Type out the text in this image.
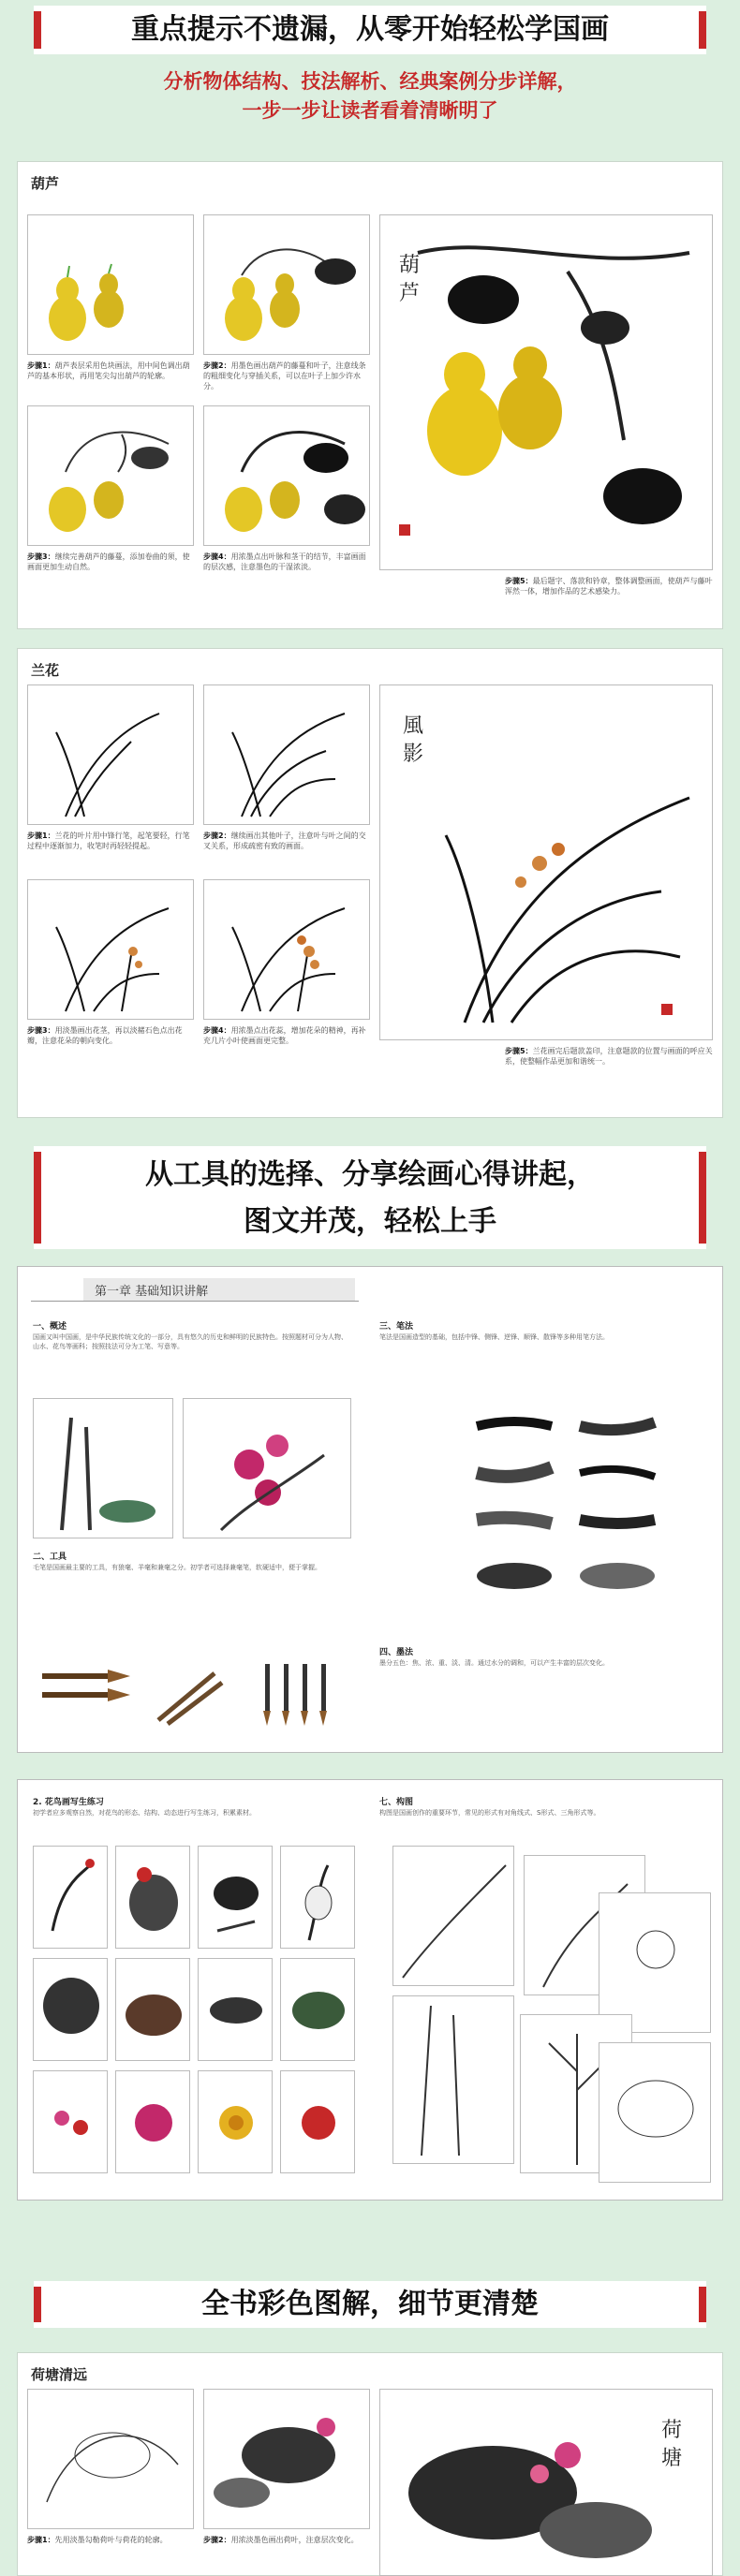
重点提示不遗漏，从零开始轻松学国画
分析物体结构、技法解析、经典案例分步详解，
一步一步让读者看着清晰明了
葫芦
步骤1：葫芦表层采用色块画法，用中间色调出葫芦的基本形状，再用笔尖勾出葫芦的轮廓。
步骤2：用墨色画出葫芦的藤蔓和叶子，注意线条的粗细变化与穿插关系，可以在叶子上加少许水分。
步骤3：继续完善葫芦的藤蔓，添加卷曲的须，使画面更加生动自然。
步骤4：用浓墨点出叶脉和茎干的结节，丰富画面的层次感，注意墨色的干湿浓淡。
葫
芦
步骤5：最后题字、落款和钤章，整体调整画面，使葫芦与藤叶浑然一体，增加作品的艺术感染力。
兰花
步骤1：兰花的叶片用中锋行笔，起笔要轻，行笔过程中逐渐加力，收笔时再轻轻提起。
步骤2：继续画出其他叶子，注意叶与叶之间的交叉关系，形成疏密有致的画面。
步骤3：用淡墨画出花茎，再以淡赭石色点出花瓣，注意花朵的朝向变化。
步骤4：用浓墨点出花蕊，增加花朵的精神，再补充几片小叶使画面更完整。
風
影
步骤5：兰花画完后题款盖印，注意题款的位置与画面的呼应关系，使整幅作品更加和谐统一。
从工具的选择、分享绘画心得讲起，
图文并茂，轻松上手
第一章 基础知识讲解
一、概述
国画又叫中国画，是中华民族传统文化的一部分，具有悠久的历史和鲜明的民族特色。按照题材可分为人物、山水、花鸟等画科；按照技法可分为工笔、写意等。
二、工具
毛笔是国画最主要的工具，有狼毫、羊毫和兼毫之分。初学者可选择兼毫笔，软硬适中，便于掌握。
三、笔法
笔法是国画造型的基础，包括中锋、侧锋、逆锋、顺锋、散锋等多种用笔方法。
四、墨法
墨分五色：焦、浓、重、淡、清。通过水分的调和，可以产生丰富的层次变化。
2. 花鸟画写生练习
初学者应多观察自然，对花鸟的形态、结构、动态进行写生练习，积累素材。
七、构图
构图是国画创作的重要环节，常见的形式有对角线式、S形式、三角形式等。
全书彩色图解，细节更清楚
荷塘清远
步骤1：先用淡墨勾勒荷叶与荷花的轮廓。	步骤2：用浓淡墨色画出荷叶，注意层次变化。
荷
塘
